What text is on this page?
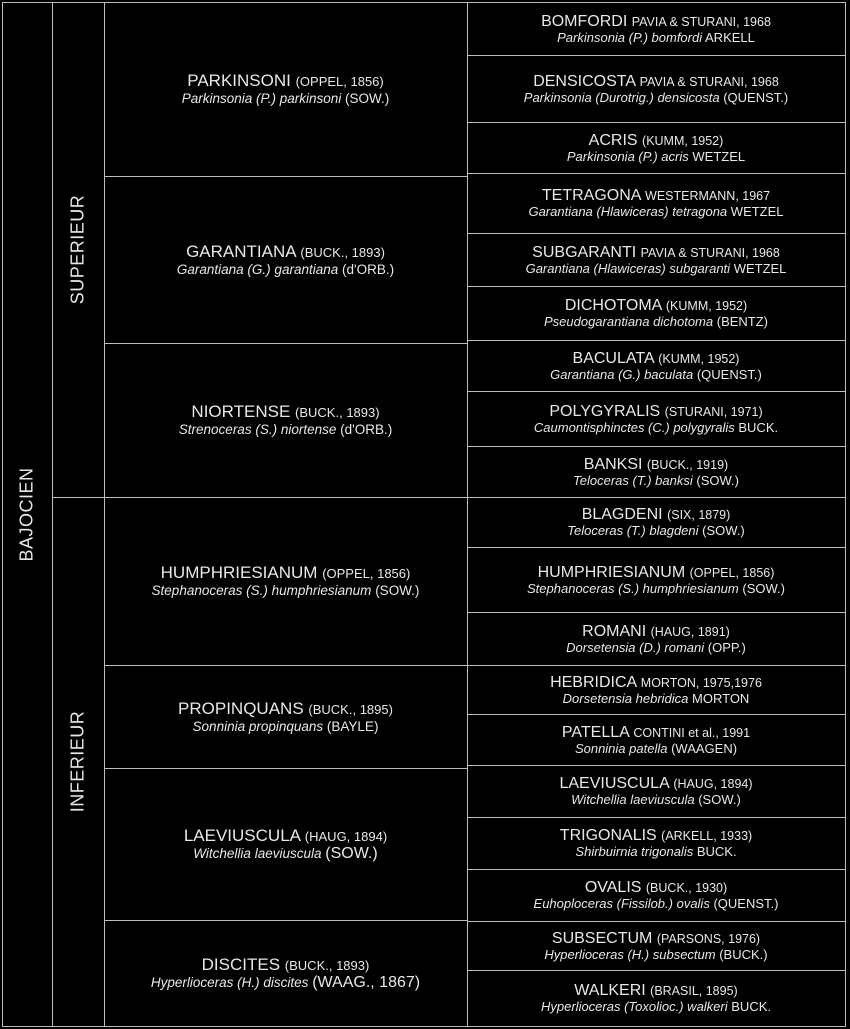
BAJOCIEN
SUPERIEUR
INFERIEUR
PARKINSONI (OPPEL, 1856)
Parkinsonia (P.) parkinsoni (SOW.)
GARANTIANA (BUCK., 1893)
Garantiana (G.) garantiana (d'ORB.)
NIORTENSE (BUCK., 1893)
Strenoceras (S.) niortense (d'ORB.)
HUMPHRIESIANUM (OPPEL, 1856)
Stephanoceras (S.) humphriesianum (SOW.)
PROPINQUANS (BUCK., 1895)
Sonninia propinquans (BAYLE)
LAEVIUSCULA (HAUG, 1894)
Witchellia laeviuscula (SOW.)
DISCITES (BUCK., 1893)
Hyperlioceras (H.) discites (WAAG., 1867)
BOMFORDI PAVIA & STURANI, 1968
Parkinsonia (P.) bomfordi ARKELL
DENSICOSTA PAVIA & STURANI, 1968
Parkinsonia (Durotrig.) densicosta (QUENST.)
ACRIS (KUMM, 1952)
Parkinsonia (P.) acris WETZEL
TETRAGONA WESTERMANN, 1967
Garantiana (Hlawiceras) tetragona WETZEL
SUBGARANTI PAVIA & STURANI, 1968
Garantiana (Hlawiceras) subgaranti WETZEL
DICHOTOMA (KUMM, 1952)
Pseudogarantiana dichotoma (BENTZ)
BACULATA (KUMM, 1952)
Garantiana (G.) baculata (QUENST.)
POLYGYRALIS (STURANI, 1971)
Caumontisphinctes (C.) polygyralis BUCK.
BANKSI (BUCK., 1919)
Teloceras (T.) banksi (SOW.)
BLAGDENI (SIX, 1879)
Teloceras (T.) blagdeni (SOW.)
HUMPHRIESIANUM (OPPEL, 1856)
Stephanoceras (S.) humphriesianum (SOW.)
ROMANI (HAUG, 1891)
Dorsetensia (D.) romani (OPP.)
HEBRIDICA MORTON, 1975,1976
Dorsetensia hebridica MORTON
PATELLA CONTINI et al., 1991
Sonninia patella (WAAGEN)
LAEVIUSCULA (HAUG, 1894)
Witchellia laeviuscula (SOW.)
TRIGONALIS (ARKELL, 1933)
Shirbuirnia trigonalis BUCK.
OVALIS (BUCK., 1930)
Euhoploceras (Fissilob.) ovalis (QUENST.)
SUBSECTUM (PARSONS, 1976)
Hyperlioceras (H.) subsectum (BUCK.)
WALKERI (BRASIL, 1895)
Hyperlioceras (Toxolioc.) walkeri BUCK.
